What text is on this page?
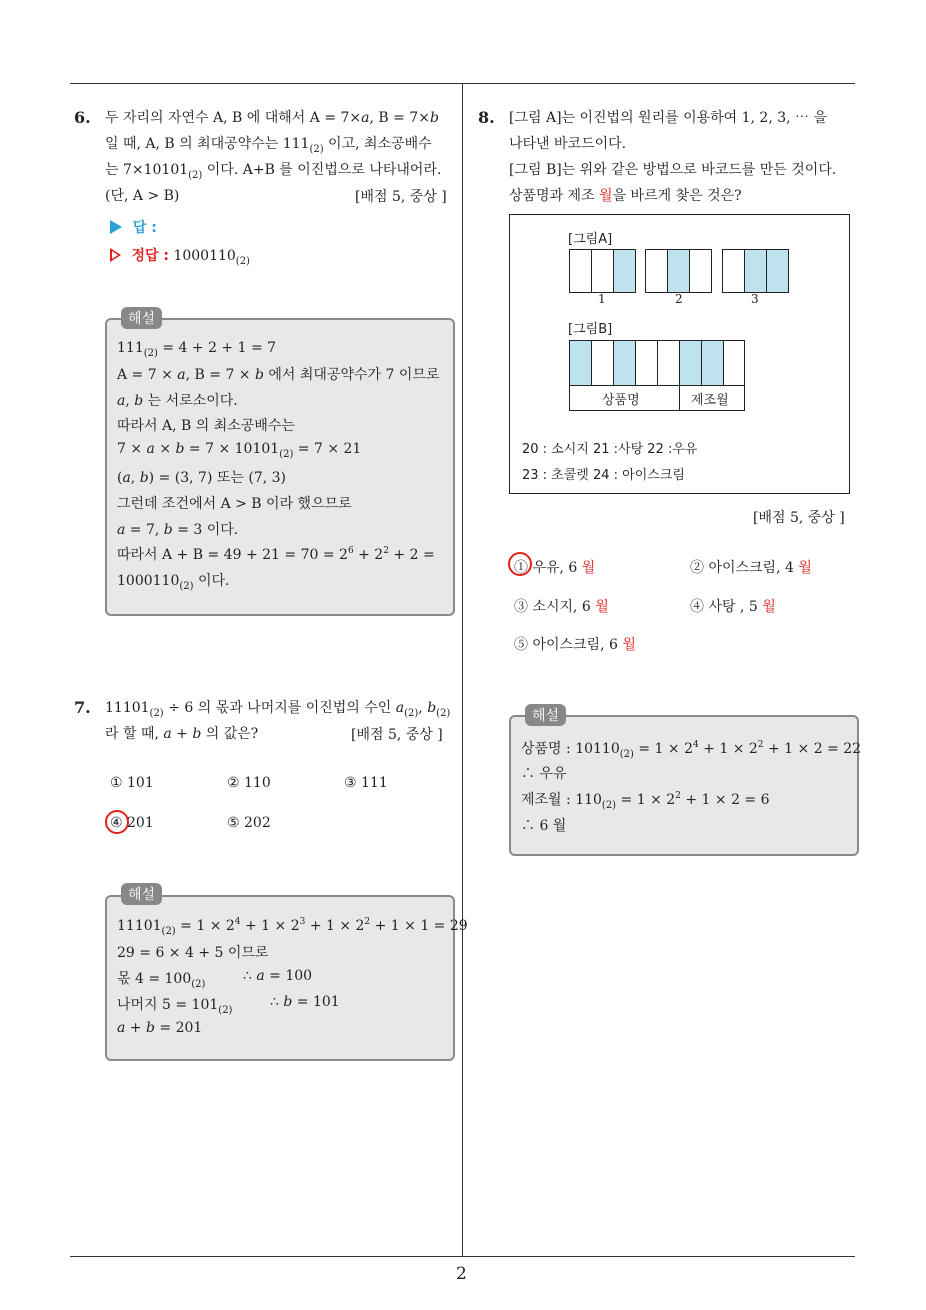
2
6. 두 자리의 자연수 A, B 에 대해서 A = 7×𝑎, B = 7×𝑏
일 때, A, B 의 최대공약수는 $111_{(2)}$ 이고, 최소공배수
는 $7\times 10101_{(2)}$ 이다. A+B 를 이진법으로 나타내어라.
(단, A > B)	[배점 5, 중상 ]
답 :
정답 : $1000110_{(2)}$
해설
$111_{(2)} = 4 + 2 + 1 = 7$
A = 7 × 𝑎, B = 7 × 𝑏 에서 최대공약수가 7 이므로
𝑎, 𝑏 는 서로소이다.
따라서 A, B 의 최소공배수는
7 × 𝑎 × 𝑏 = $7 \times 10101_{(2)} = 7 \times 21$
(𝑎, 𝑏) = (3, 7) 또는 (7, 3)
그런데 조건에서 A > B 이라 했으므로
𝑎 = 7, 𝑏 = 3 이다.
따라서 $A + B = 49 + 21 = 70 = 2^6 + 2^2 + 2$ =
$1000110_{(2)}$ 이다.
7. $11101_{(2)} \div 6$ 의 몫과 나머지를 이진법의 수인 𝑎$_{(2)}$, 𝑏$_{(2)}$
라 할 때, 𝑎 + 𝑏 의 값은?	[배점 5, 중상 ]
① 101	② 110	③ 111
④ 201	⑤ 202
해설
$11101_{(2)} = 1 \times 2^4 + 1 \times 2^3 + 1 \times 2^2 + 1 \times 1 = 29$
29 = 6 × 4 + 5 이므로
몫 $4 = 100_{(2)}$
∴ 𝑎 = 100
나머지 $5 = 101_{(2)}$
∴ 𝑏 = 101
𝑎 + 𝑏 = 201
8. [그림 A]는 이진법의 원리를 이용하여 1, 2, 3, ⋯ 을
나타낸 바코드이다.
[그림 B]는 위와 같은 방법으로 바코드를 만든 것이다.
상품명과 제조 월을 바르게 찾은 것은?
[그림A]
1	2	3
[그림B]
상품명	제조월
20 : 소시지 21 :사탕 22 :우유
23 : 초콜렛 24 : 아이스크림
[배점 5, 중상 ]
① 우유, 6 월	② 아이스크림, 4 월
③ 소시지, 6 월	④ 사탕 , 5 월
⑤ 아이스크림, 6 월
해설
상품명 : $10110_{(2)} = 1 \times 2^4 + 1 \times 2^2 + 1 \times 2 = 22$
∴ 우유
제조월 : $110_{(2)} = 1 \times 2^2 + 1 \times 2 = 6$
∴ 6 월
